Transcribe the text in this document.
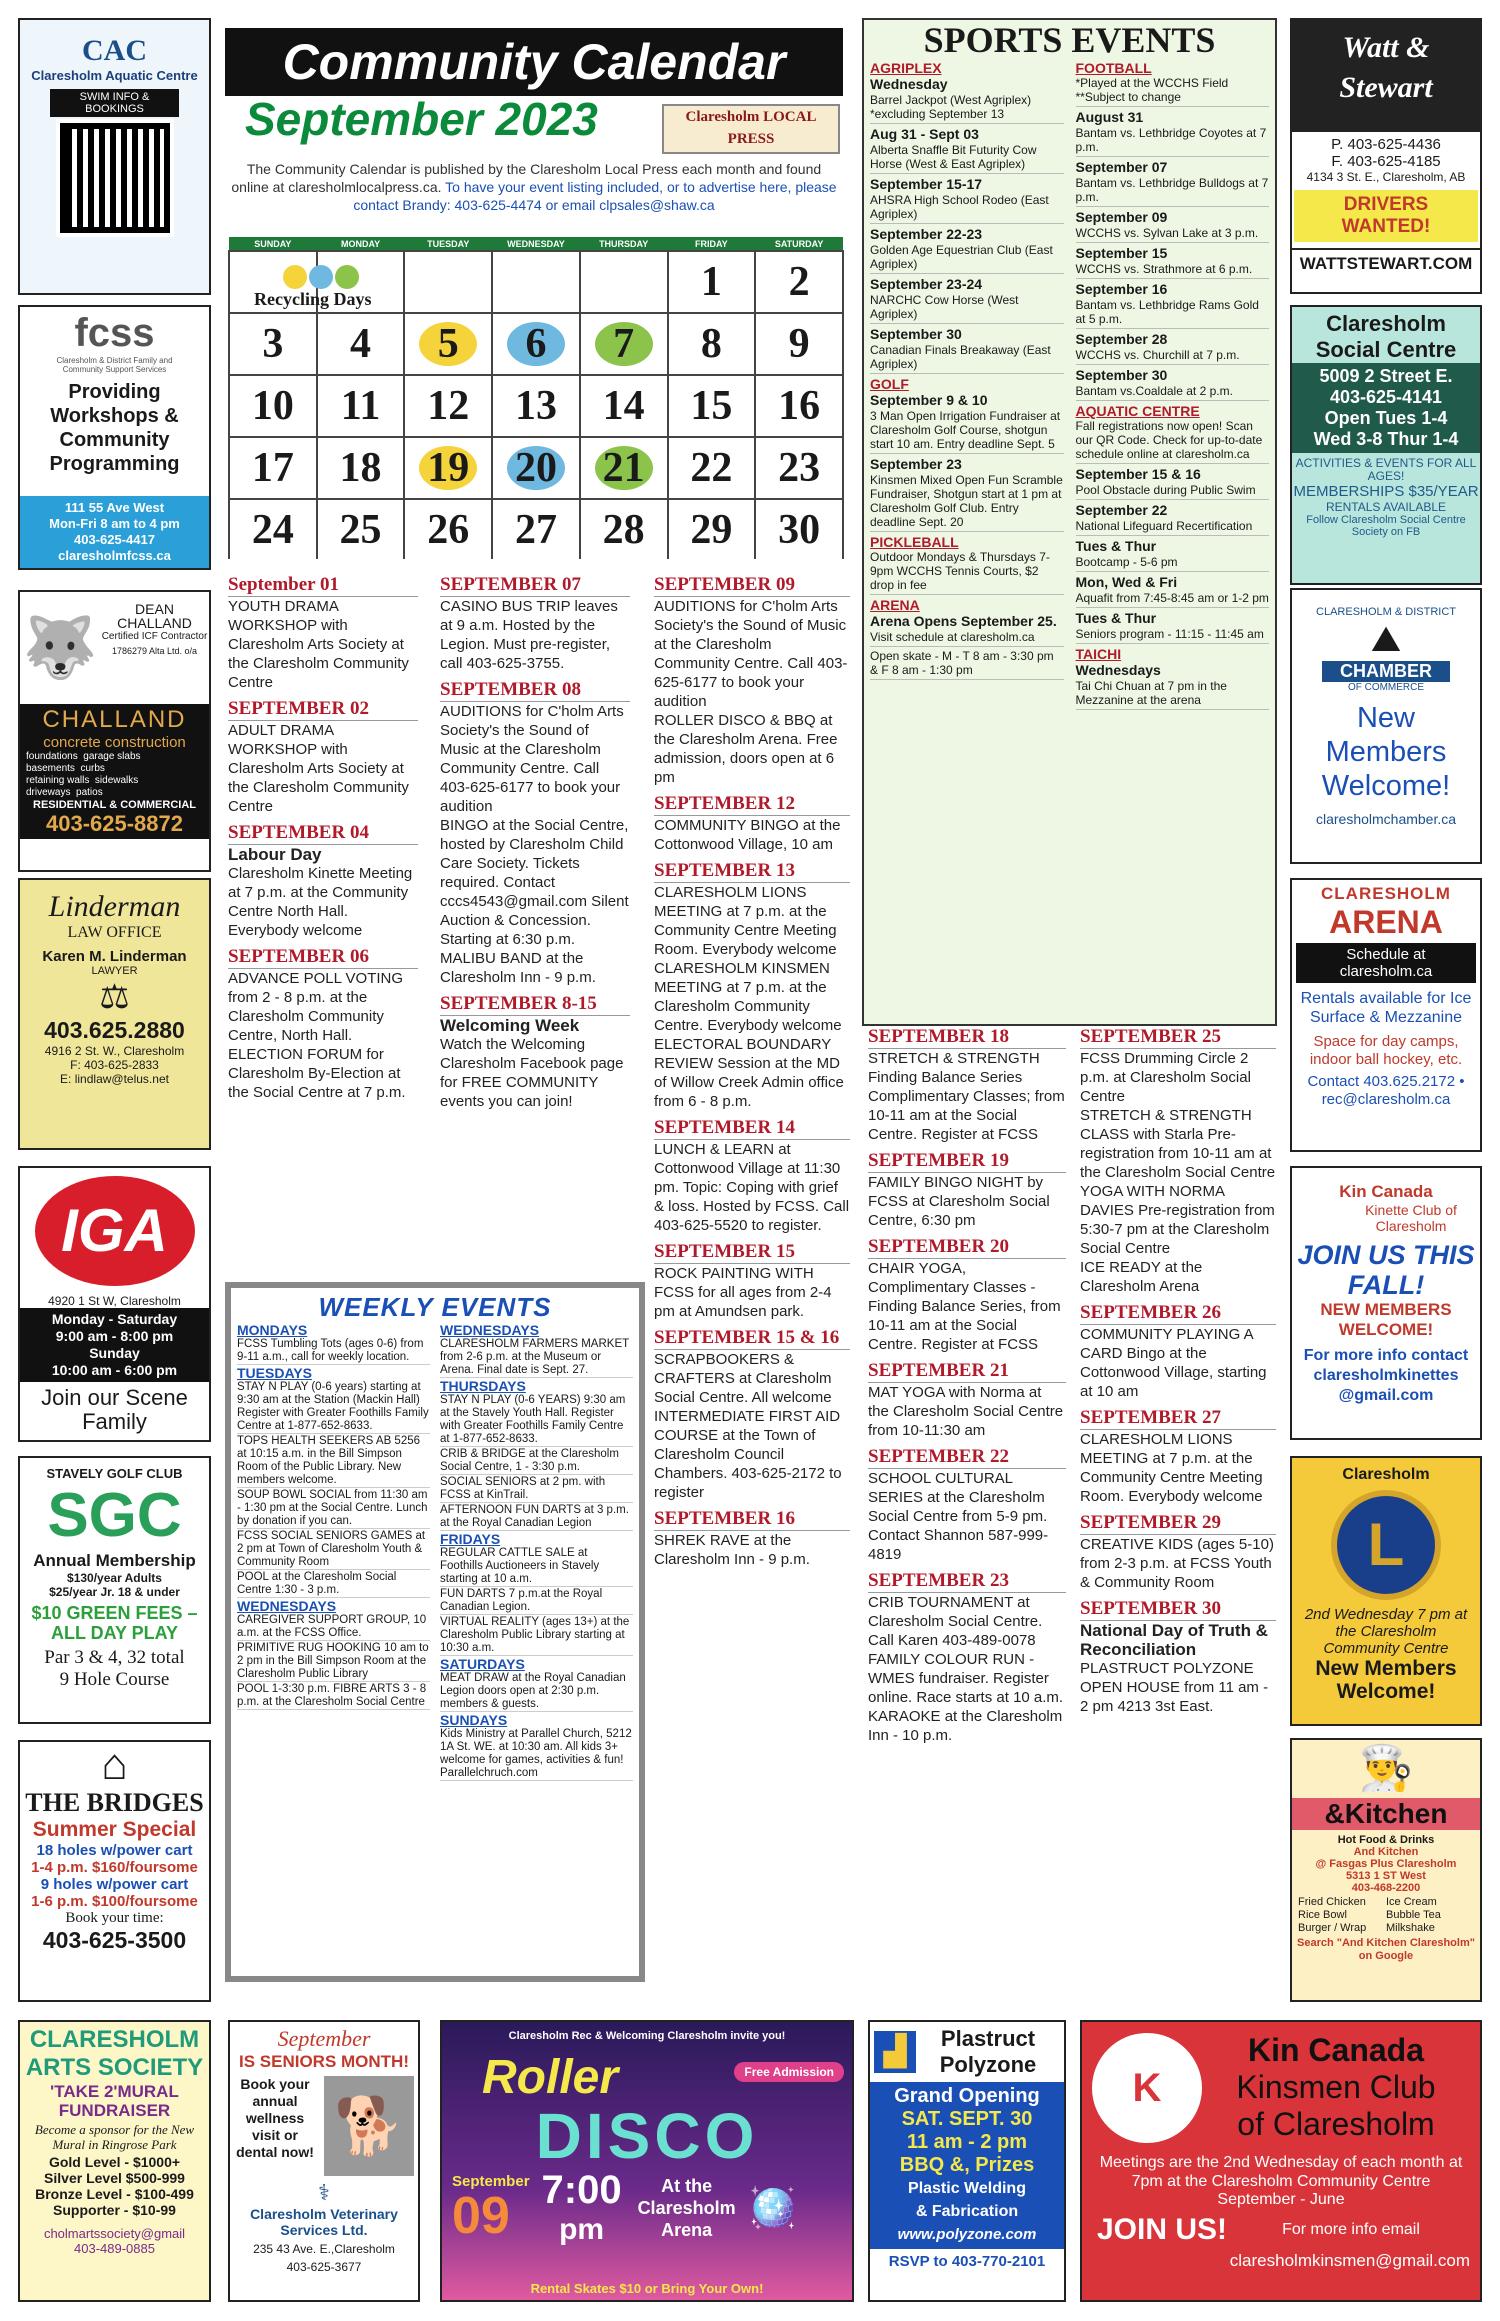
CAC
Claresholm Aquatic Centre
SWIM INFO & BOOKINGS
fcss
Claresholm & District Family and Community Support Services
Providing Workshops & Community Programming
111 55 Ave West
Mon-Fri 8 am to 4 pm
403-625-4417
claresholmfcss.ca
🐺
DEAN
CHALLAND
Certified ICF Contractor
1786279 Alta Ltd. o/a
CHALLAND
concrete construction
foundations  garage slabs
basements  curbs
retaining walls  sidewalks
driveways  patios
RESIDENTIAL & COMMERCIAL
403-625-8872
Linderman
LAW OFFICE
Karen M. Linderman
LAWYER
⚖
403.625.2880
4916 2 St. W., Claresholm
F: 403-625-2833
E: lindlaw@telus.net
IGA
4920 1 St W, Claresholm
Monday - Saturday
9:00 am - 8:00 pm
Sunday
10:00 am - 6:00 pm
Join our Scene Family
STAVELY GOLF CLUB
SGC
Annual Membership
$130/year Adults
$25/year Jr. 18 & under
$10 GREEN FEES – ALL DAY PLAY
Par 3 & 4, 32 total
9 Hole Course
⌂
THE BRIDGES
Summer Special
18 holes w/power cart
1-4 p.m. $160/foursome
9 holes w/power cart
1-6 p.m. $100/foursome
Book your time:
403-625-3500
Community Calendar
September 2023	Claresholm LOCAL PRESS
The Community Calendar is published by the Claresholm Local Press each month and found online at claresholmlocalpress.ca. To have your event listing included, or to advertise here, please contact Brandy: 403-625-4474 or email clpsales@shaw.ca
SUNDAY	MONDAY	TUESDAY	WEDNESDAY	THURSDAY	FRIDAY	SATURDAY
					1	2
3	4	5	6	7	8	9
10	11	12	13	14	15	16
17	18	19	20	21	22	23
24	25	26	27	28	29	30
Recycling Days
September 01
YOUTH DRAMA WORKSHOP with Claresholm Arts Society at the Claresholm Community Centre
SEPTEMBER 02
ADULT DRAMA WORKSHOP with Claresholm Arts Society at the Claresholm Community Centre
SEPTEMBER 04
Labour Day
Claresholm Kinette Meeting at 7 p.m. at the Community Centre North Hall. Everybody welcome
SEPTEMBER 06
ADVANCE POLL VOTING from 2 - 8 p.m. at the Claresholm Community Centre, North Hall.
ELECTION FORUM for Claresholm By-Election at the Social Centre at 7 p.m.
SEPTEMBER 07
CASINO BUS TRIP leaves at 9 a.m. Hosted by the Legion. Must pre-register, call 403-625-3755.
SEPTEMBER 08
AUDITIONS for C'holm Arts Society's the Sound of Music at the Claresholm Community Centre. Call 403-625-6177 to book your audition
BINGO at the Social Centre, hosted by Claresholm Child Care Society. Tickets required. Contact cccs4543@gmail.com Silent Auction & Concession. Starting at 6:30 p.m.
MALIBU BAND at the Claresholm Inn - 9 p.m.
SEPTEMBER 8-15
Welcoming Week
Watch the Welcoming Claresholm Facebook page for FREE COMMUNITY events you can join!
SEPTEMBER 09
AUDITIONS for C'holm Arts Society's the Sound of Music at the Claresholm Community Centre. Call 403-625-6177 to book your audition
ROLLER DISCO & BBQ at the Claresholm Arena. Free admission, doors open at 6 pm
SEPTEMBER 12
COMMUNITY BINGO at the Cottonwood Village, 10 am
SEPTEMBER 13
CLARESHOLM LIONS MEETING at 7 p.m. at the Community Centre Meeting Room. Everybody welcome
CLARESHOLM KINSMEN MEETING at 7 p.m. at the Claresholm Community Centre. Everybody welcome
ELECTORAL BOUNDARY REVIEW Session at the MD of Willow Creek Admin office from 6 - 8 p.m.
SEPTEMBER 14
LUNCH & LEARN at Cottonwood Village at 11:30 pm. Topic: Coping with grief & loss. Hosted by FCSS. Call 403-625-5520 to register.
SEPTEMBER 15
ROCK PAINTING WITH FCSS for all ages from 2-4 pm at Amundsen park.
SEPTEMBER 15 & 16
SCRAPBOOKERS & CRAFTERS at Claresholm Social Centre. All welcome
INTERMEDIATE FIRST AID COURSE at the Town of Claresholm Council Chambers. 403-625-2172 to register
SEPTEMBER 16
SHREK RAVE at the Claresholm Inn - 9 p.m.
SEPTEMBER 18
STRETCH & STRENGTH Finding Balance Series Complimentary Classes; from 10-11 am at the Social Centre. Register at FCSS
SEPTEMBER 19
FAMILY BINGO NIGHT by FCSS at Claresholm Social Centre, 6:30 pm
SEPTEMBER 20
CHAIR YOGA, Complimentary Classes - Finding Balance Series, from 10-11 am at the Social Centre. Register at FCSS
SEPTEMBER 21
MAT YOGA with Norma at the Claresholm Social Centre from 10-11:30 am
SEPTEMBER 22
SCHOOL CULTURAL SERIES at the Claresholm Social Centre from 5-9 pm. Contact Shannon 587-999-4819
SEPTEMBER 23
CRIB TOURNAMENT at Claresholm Social Centre. Call Karen 403-489-0078
FAMILY COLOUR RUN - WMES fundraiser. Register online. Race starts at 10 a.m.
KARAOKE at the Claresholm Inn - 10 p.m.
SEPTEMBER 25
FCSS Drumming Circle 2 p.m. at Claresholm Social Centre
STRETCH & STRENGTH CLASS with Starla Pre-registration from 10-11 am at the Claresholm Social Centre
YOGA WITH NORMA DAVIES Pre-registration from 5:30-7 pm at the Claresholm Social Centre
ICE READY at the Claresholm Arena
SEPTEMBER 26
COMMUNITY PLAYING A CARD Bingo at the Cottonwood Village, starting at 10 am
SEPTEMBER 27
CLARESHOLM LIONS MEETING at 7 p.m. at the Community Centre Meeting Room. Everybody welcome
SEPTEMBER 29
CREATIVE KIDS (ages 5-10) from 2-3 p.m. at FCSS Youth & Community Room
SEPTEMBER 30
National Day of Truth & Reconciliation
PLASTRUCT POLYZONE OPEN HOUSE from 11 am - 2 pm 4213 3st East.
SPORTS EVENTS
AGRIPLEX
Wednesday
Barrel Jackpot (West Agriplex) *excluding September 13
Aug 31 - Sept 03
Alberta Snaffle Bit Futurity Cow Horse (West & East Agriplex)
September 15-17
AHSRA High School Rodeo (East Agriplex)
September 22-23
Golden Age Equestrian Club (East Agriplex)
September 23-24
NARCHC Cow Horse (West Agriplex)
September 30
Canadian Finals Breakaway (East Agriplex)
GOLF
September 9 & 10
3 Man Open Irrigation Fundraiser at Claresholm Golf Course, shotgun start 10 am. Entry deadline Sept. 5
September 23
Kinsmen Mixed Open Fun Scramble Fundraiser, Shotgun start at 1 pm at Claresholm Golf Club. Entry deadline Sept. 20
PICKLEBALL
Outdoor Mondays & Thursdays 7-9pm WCCHS Tennis Courts, $2 drop in fee
ARENA
Arena Opens September 25.
Visit schedule at claresholm.ca
Open skate - M - T 8 am - 3:30 pm & F 8 am - 1:30 pm
FOOTBALL
*Played at the WCCHS Field **Subject to change
August 31
Bantam vs. Lethbridge Coyotes at 7 p.m.
September 07
Bantam vs. Lethbridge Bulldogs at 7 p.m.
September 09
WCCHS vs. Sylvan Lake at 3 p.m.
September 15
WCCHS vs. Strathmore at 6 p.m.
September 16
Bantam vs. Lethbridge Rams Gold at 5 p.m.
September 28
WCCHS vs. Churchill at 7 p.m.
September 30
Bantam vs.Coaldale at 2 p.m.
AQUATIC CENTRE
Fall registrations now open! Scan our QR Code. Check for up-to-date schedule online at claresholm.ca
September 15 & 16
Pool Obstacle during Public Swim
September 22
National Lifeguard Recertification
Tues & Thur
Bootcamp - 5-6 pm
Mon, Wed & Fri
Aquafit from 7:45-8:45 am or 1-2 pm
Tues & Thur
Seniors program - 11:15 - 11:45 am
TAICHI
Wednesdays
Tai Chi Chuan at 7 pm in the Mezzanine at the arena
WEEKLY EVENTS
MONDAYS
FCSS Tumbling Tots (ages 0-6) from 9-11 a.m., call for weekly location.
TUESDAYS
STAY N PLAY (0-6 years) starting at 9:30 am at the Station (Mackin Hall) Register with Greater Foothills Family Centre at 1-877-652-8633.
TOPS HEALTH SEEKERS AB 5256 at 10:15 a.m. in the Bill Simpson Room of the Public Library. New members welcome.
SOUP BOWL SOCIAL from 11:30 am - 1:30 pm at the Social Centre. Lunch by donation if you can.
FCSS SOCIAL SENIORS GAMES at 2 pm at Town of Claresholm Youth & Community Room
POOL at the Claresholm Social Centre 1:30 - 3 p.m.
WEDNESDAYS
CAREGIVER SUPPORT GROUP, 10 a.m. at the FCSS Office.
PRIMITIVE RUG HOOKING 10 am to 2 pm in the Bill Simpson Room at the Claresholm Public Library
POOL 1-3:30 p.m. FIBRE ARTS 3 - 8 p.m. at the Claresholm Social Centre
WEDNESDAYS
CLARESHOLM FARMERS MARKET from 2-6 p.m. at the Museum or Arena. Final date is Sept. 27.
THURSDAYS
STAY N PLAY (0-6 YEARS) 9:30 am at the Stavely Youth Hall. Register with Greater Foothills Family Centre at 1-877-652-8633.
CRIB & BRIDGE at the Claresholm Social Centre, 1 - 3:30 p.m.
SOCIAL SENIORS at 2 pm. with FCSS at KinTrail.
AFTERNOON FUN DARTS at 3 p.m. at the Royal Canadian Legion
FRIDAYS
REGULAR CATTLE SALE at Foothills Auctioneers in Stavely starting at 10 a.m.
FUN DARTS 7 p.m.at the Royal Canadian Legion.
VIRTUAL REALITY (ages 13+) at the Claresholm Public Library starting at 10:30 a.m.
SATURDAYS
MEAT DRAW at the Royal Canadian Legion doors open at 2:30 p.m. members & guests.
SUNDAYS
Kids Ministry at Parallel Church, 5212 1A St. WE. at 10:30 am. All kids 3+ welcome for games, activities & fun! Parallelchruch.com
Watt & Stewart
P. 403-625-4436
F. 403-625-4185
4134 3 St. E., Claresholm, AB
DRIVERS WANTED!
WATTSTEWART.COM
Claresholm
Social Centre
5009 2 Street E.
403-625-4141
Open Tues 1-4
Wed 3-8 Thur 1-4
ACTIVITIES & EVENTS FOR ALL AGES!
MEMBERSHIPS $35/YEAR
RENTALS AVAILABLE
Follow Claresholm Social Centre Society on FB
CLARESHOLM & DISTRICT
⛰
CHAMBER
OF COMMERCE
New Members Welcome!
claresholmchamber.ca
CLARESHOLM
ARENA
Schedule at claresholm.ca
Rentals available for Ice Surface & Mezzanine
Space for day camps, indoor ball hockey, etc.
Contact 403.625.2172 • rec@claresholm.ca
Kin Canada
Kinette Club of Claresholm
JOIN US THIS FALL!
NEW MEMBERS WELCOME!
For more info contact claresholmkinettes @gmail.com
Claresholm
L
2nd Wednesday 7 pm at the Claresholm Community Centre
New Members Welcome!
👨‍🍳
&Kitchen
Hot Food & Drinks
And Kitchen
@ Fasgas Plus Claresholm
5313 1 ST West
403-468-2200
Fried Chicken	Ice Cream
Rice Bowl	Bubble Tea
Burger / Wrap	Milkshake
Search "And Kitchen Claresholm" on Google
CLARESHOLM
ARTS SOCIETY
'TAKE 2'MURAL FUNDRAISER
Become a sponsor for the New Mural in Ringrose Park
Gold Level - $1000+
Silver Level $500-999
Bronze Level - $100-499
Supporter - $10-99
cholmartssociety@gmail
403-489-0885
September
IS SENIORS MONTH!
Book your annual wellness visit or dental now! 🐕
⚕
Claresholm Veterinary Services Ltd.
235 43 Ave. E.,Claresholm
403-625-3677
Claresholm Rec & Welcoming Claresholm invite you!
Free Admission
Roller
DISCO
September
09 7:00
pm
At the Claresholm Arena 🪩
Rental Skates $10 or Bring Your Own!
▟	Plastruct
Polyzone
Grand Opening
SAT. SEPT. 30
11 am - 2 pm
BBQ &, Prizes
Plastic Welding
& Fabrication
www.polyzone.com
RSVP to 403-770-2101
K
Kin Canada
Kinsmen Club
of Claresholm
Meetings are the 2nd Wednesday of each month at 7pm at the Claresholm Community Centre
September - June
JOIN US!	For more info email
claresholmkinsmen@gmail.com
